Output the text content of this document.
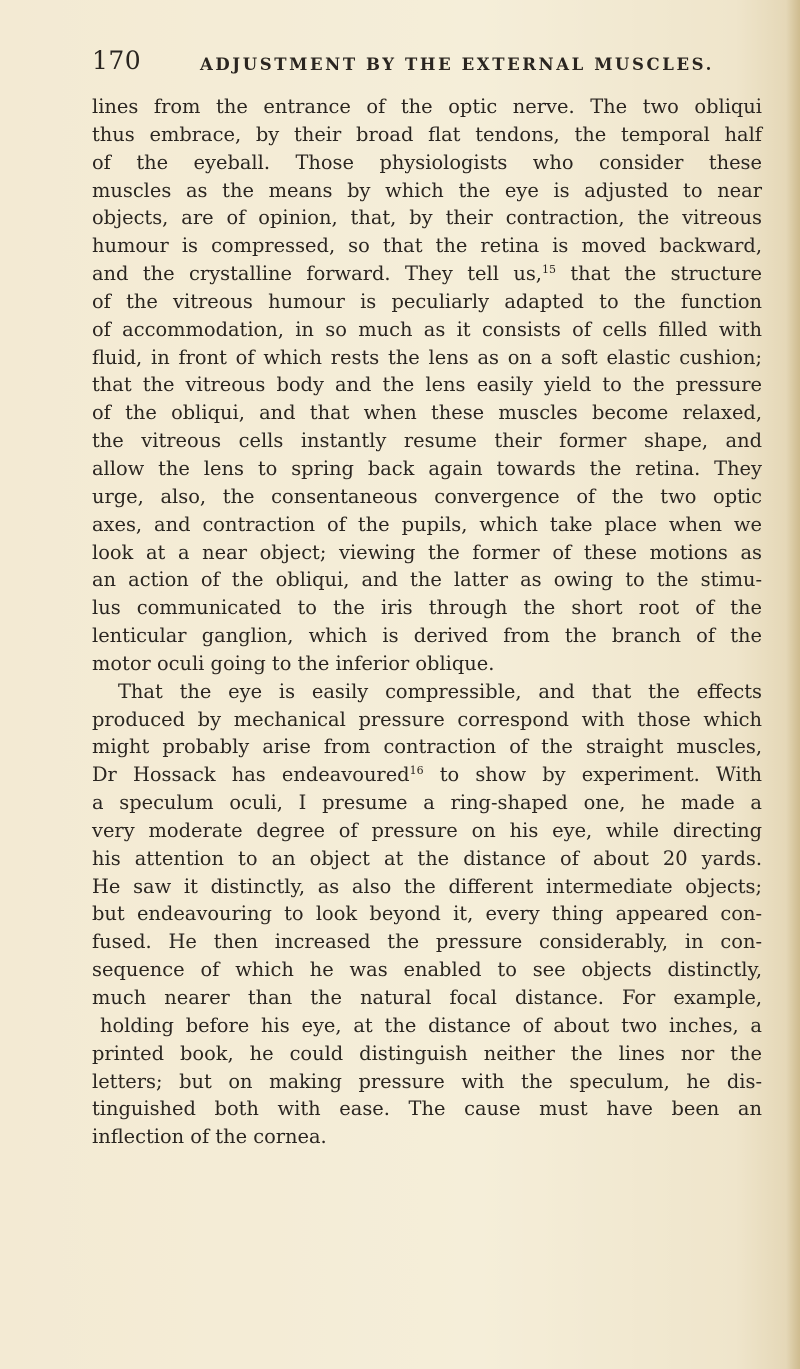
170	ADJUSTMENT BY THE EXTERNAL MUSCLES.
lines from the entrance of the optic nerve. The two obliqui
thus embrace, by their broad flat tendons, the temporal half
of the eyeball. Those physiologists who consider these
muscles as the means by which the eye is adjusted to near
objects, are of opinion, that, by their contraction, the vitreous
humour is compressed, so that the retina is moved backward,
and the crystalline forward. They tell us,$^{15}$ that the structure
of the vitreous humour is peculiarly adapted to the function
of accommodation, in so much as it consists of cells filled with
fluid, in front of which rests the lens as on a soft elastic cushion;
that the vitreous body and the lens easily yield to the pressure
of the obliqui, and that when these muscles become relaxed,
the vitreous cells instantly resume their former shape, and
allow the lens to spring back again towards the retina. They
urge, also, the consentaneous convergence of the two optic
axes, and contraction of the pupils, which take place when we
look at a near object; viewing the former of these motions as
an action of the obliqui, and the latter as owing to the stimu-
lus communicated to the iris through the short root of the
lenticular ganglion, which is derived from the branch of the
motor oculi going to the inferior oblique.
That the eye is easily compressible, and that the effects
produced by mechanical pressure correspond with those which
might probably arise from contraction of the straight muscles,
Dr Hossack has endeavoured$^{16}$ to show by experiment. With
a speculum oculi, I presume a ring-shaped one, he made a
very moderate degree of pressure on his eye, while directing
his attention to an object at the distance of about 20 yards.
He saw it distinctly, as also the different intermediate objects;
but endeavouring to look beyond it, every thing appeared con-
fused. He then increased the pressure considerably, in con-
sequence of which he was enabled to see objects distinctly,
much nearer than the natural focal distance. For example,
holding before his eye, at the distance of about two inches, a
printed book, he could distinguish neither the lines nor the
letters; but on making pressure with the speculum, he dis-
tinguished both with ease. The cause must have been an
inflection of the cornea.
